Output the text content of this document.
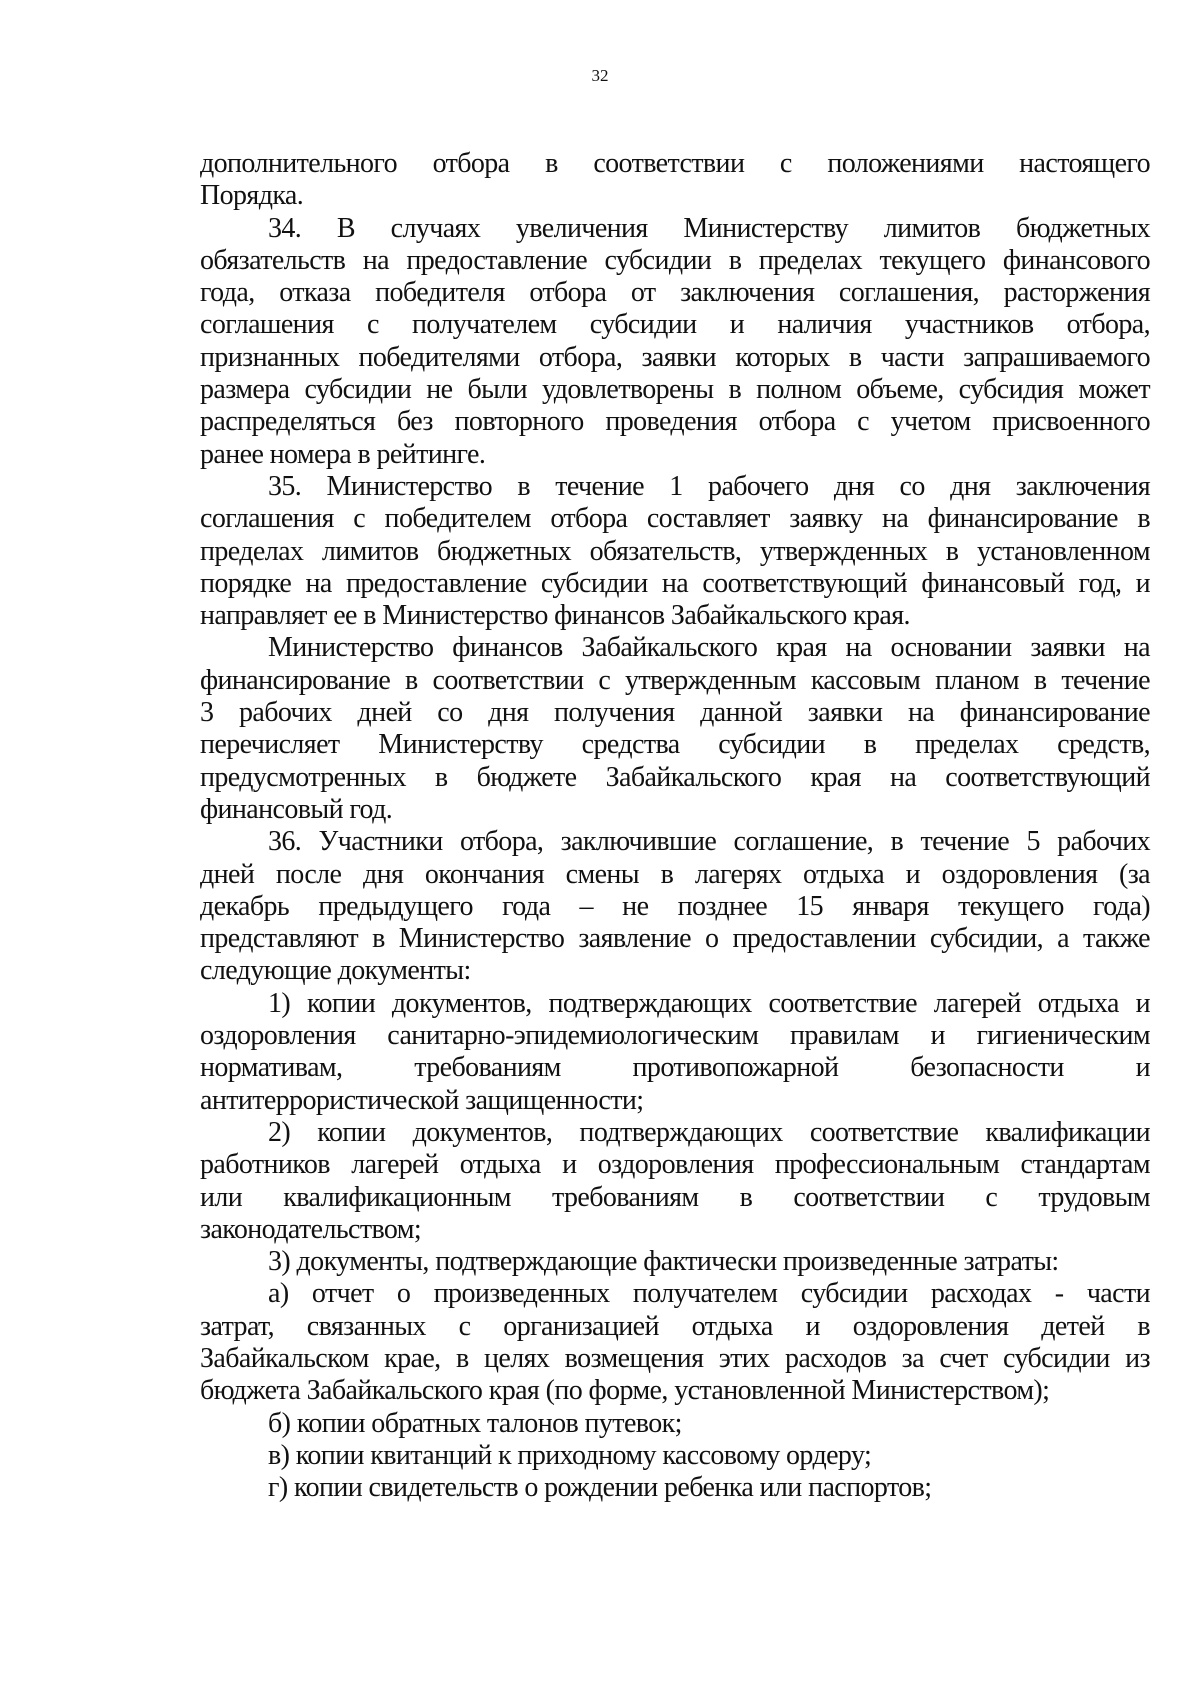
32
дополнительного отбора в соответствии с положениями настоящего
Порядка.
34. В случаях увеличения Министерству лимитов бюджетных
обязательств на предоставление субсидии в пределах текущего финансового
года, отказа победителя отбора от заключения соглашения, расторжения
соглашения с получателем субсидии и наличия участников отбора,
признанных победителями отбора, заявки которых в части запрашиваемого
размера субсидии не были удовлетворены в полном объеме, субсидия может
распределяться без повторного проведения отбора с учетом присвоенного
ранее номера в рейтинге.
35. Министерство в течение 1 рабочего дня со дня заключения
соглашения с победителем отбора составляет заявку на финансирование в
пределах лимитов бюджетных обязательств, утвержденных в установленном
порядке на предоставление субсидии на соответствующий финансовый год, и
направляет ее в Министерство финансов Забайкальского края.
Министерство финансов Забайкальского края на основании заявки на
финансирование в соответствии с утвержденным кассовым планом в течение
3 рабочих дней со дня получения данной заявки на финансирование
перечисляет Министерству средства субсидии в пределах средств,
предусмотренных в бюджете Забайкальского края на соответствующий
финансовый год.
36. Участники отбора, заключившие соглашение, в течение 5 рабочих
дней после дня окончания смены в лагерях отдыха и оздоровления (за
декабрь предыдущего года – не позднее 15 января текущего года)
представляют в Министерство заявление о предоставлении субсидии, а также
следующие документы:
1) копии документов, подтверждающих соответствие лагерей отдыха и
оздоровления санитарно-эпидемиологическим правилам и гигиеническим
нормативам, требованиям противопожарной безопасности и
антитеррористической защищенности;
2) копии документов, подтверждающих соответствие квалификации
работников лагерей отдыха и оздоровления профессиональным стандартам
или квалификационным требованиям в соответствии с трудовым
законодательством;
3) документы, подтверждающие фактически произведенные затраты:
а) отчет о произведенных получателем субсидии расходах - части
затрат, связанных с организацией отдыха и оздоровления детей в
Забайкальском крае, в целях возмещения этих расходов за счет субсидии из
бюджета Забайкальского края (по форме, установленной Министерством);
б) копии обратных талонов путевок;
в) копии квитанций к приходному кассовому ордеру;
г) копии свидетельств о рождении ребенка или паспортов;
